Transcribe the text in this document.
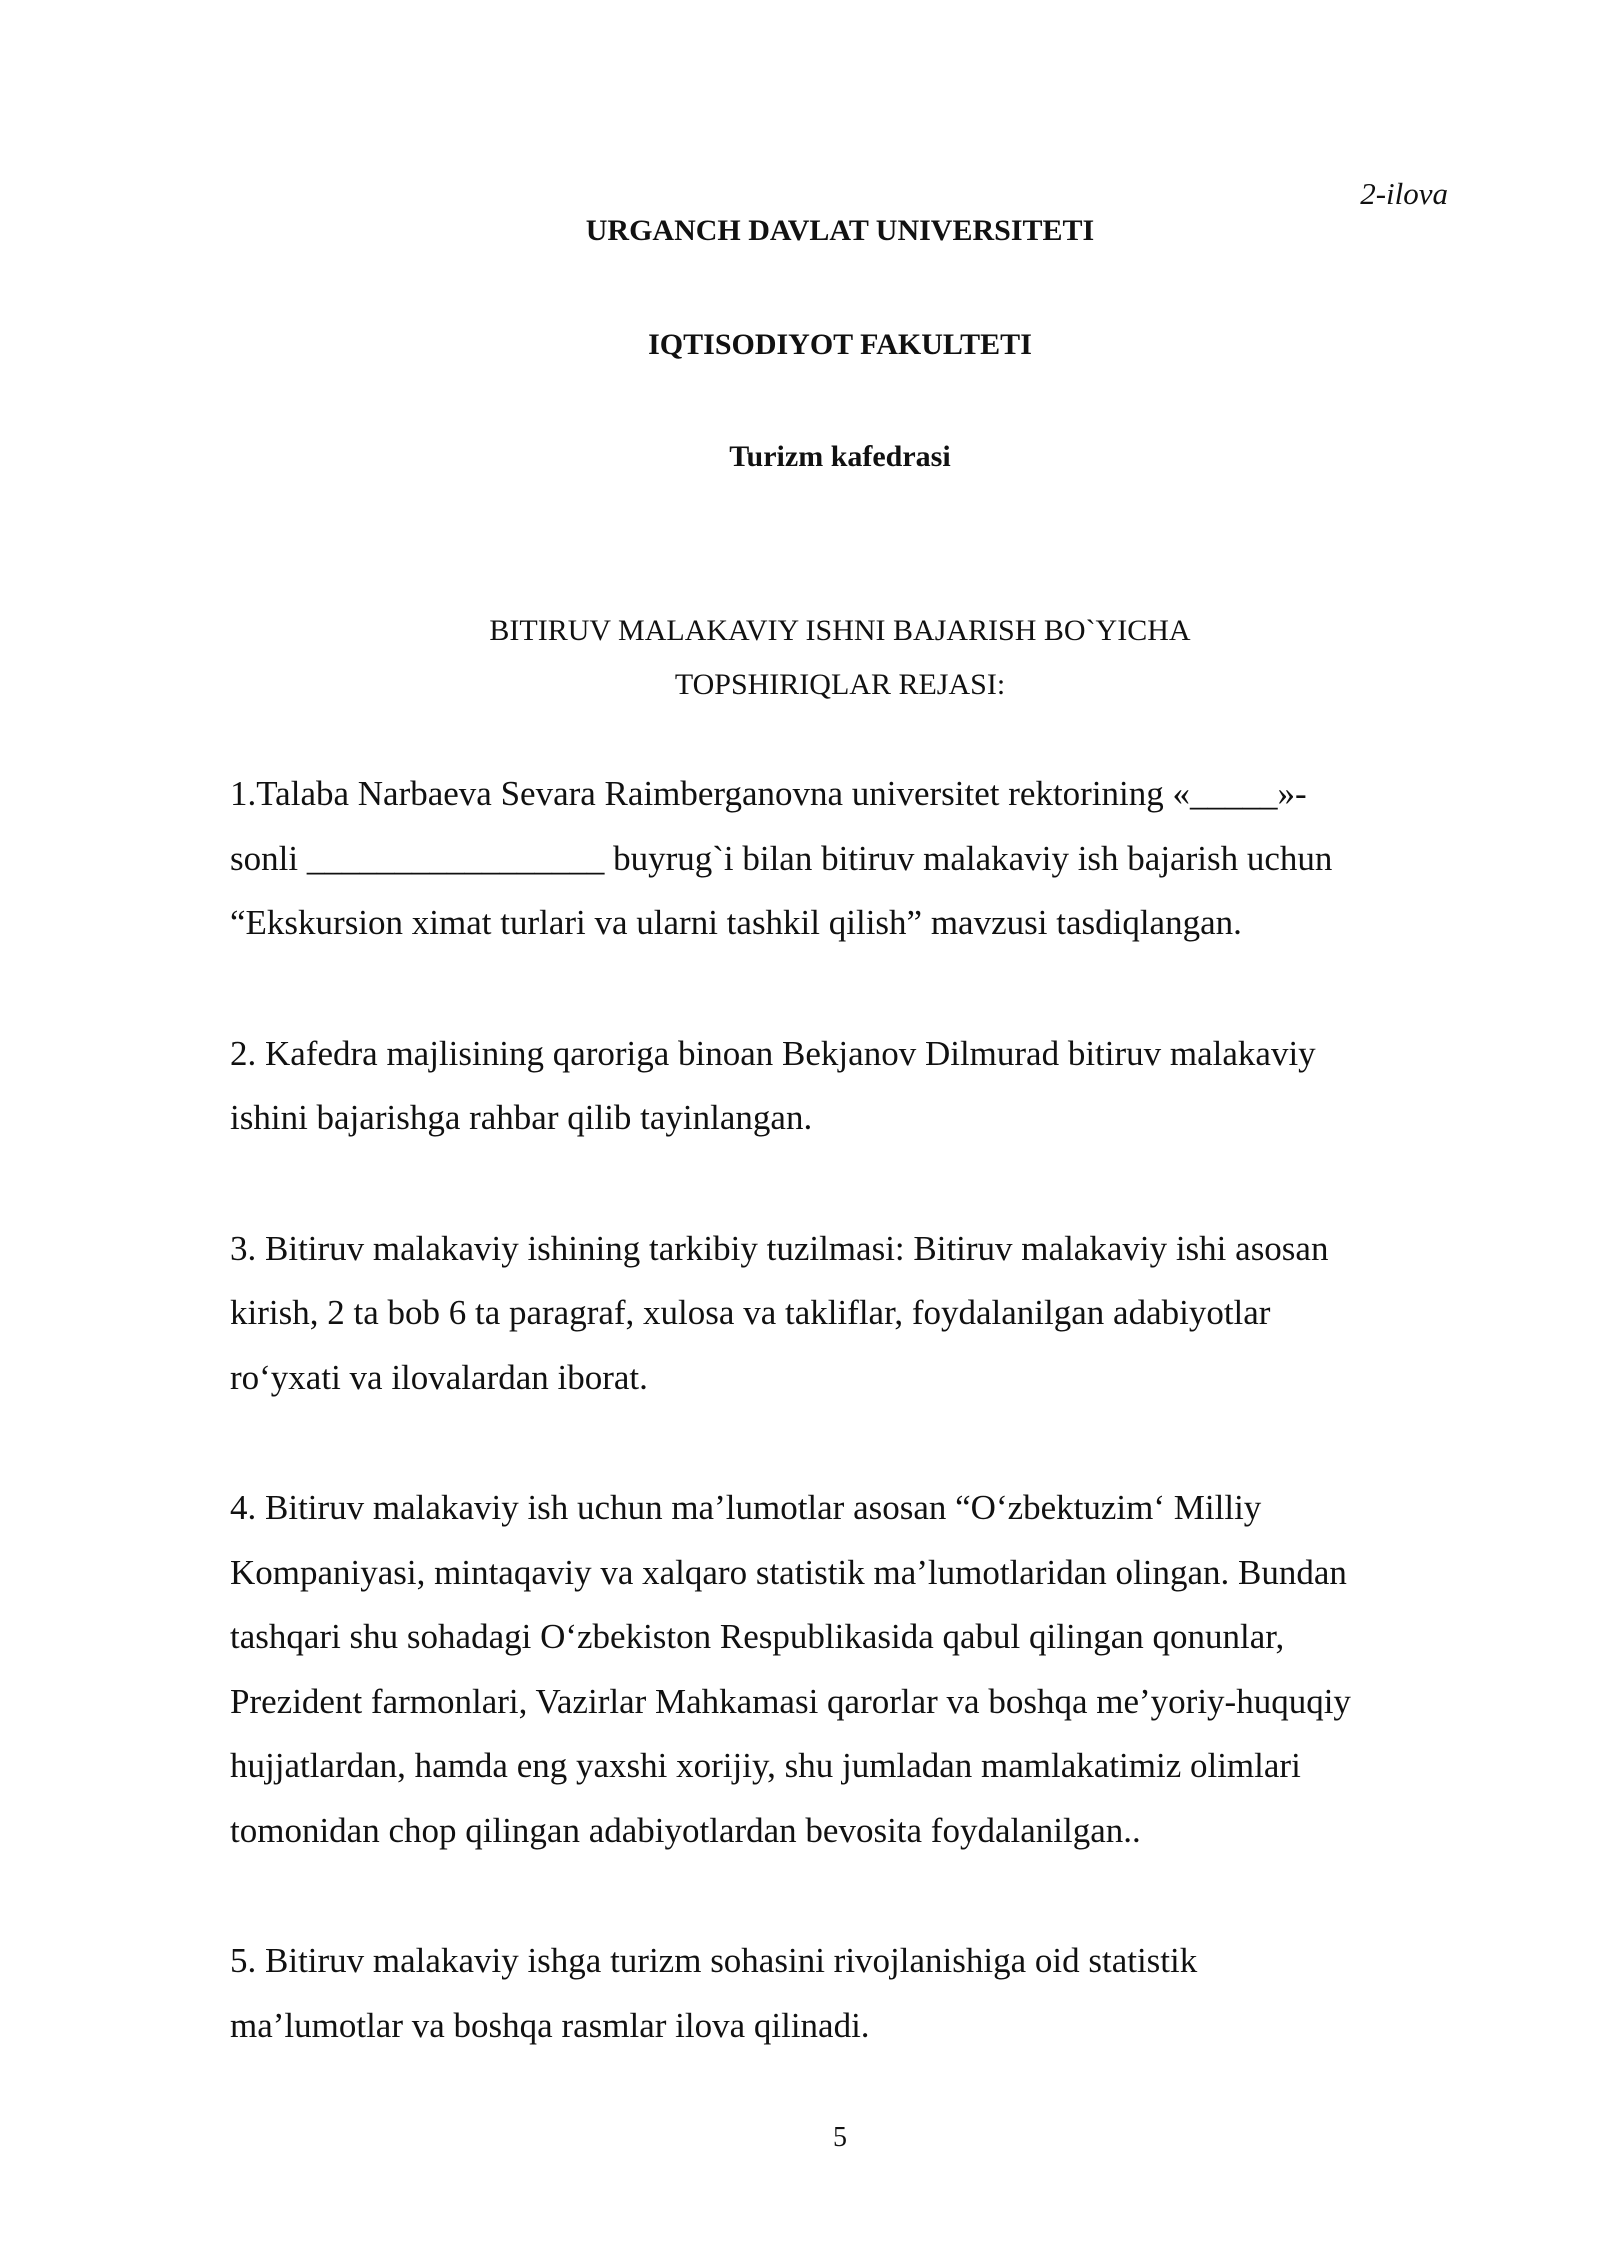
2-ilova
URGANCH DAVLAT UNIVERSITETI
IQTISODIYOT FAKULTETI
Turizm kafedrasi
BITIRUV MALAKAVIY ISHNI BAJARISH BO`YICHA
TOPSHIRIQLAR REJASI:

1.Talaba Narbaeva Sevara Raimberganovna universitet rektorining «_____»-
sonli _________________ buyrug`i bilan bitiruv malakaviy ish bajarish uchun
“Ekskursion ximat turlari va ularni tashkil qilish” mavzusi tasdiqlangan.

2. Kafedra majlisining qaroriga binoan Bekjanov Dilmurad bitiruv malakaviy
ishini bajarishga rahbar qilib tayinlangan.

3. Bitiruv malakaviy ishining tarkibiy tuzilmasi: Bitiruv malakaviy ishi asosan
kirish, 2 ta bob 6 ta paragraf, xulosa va takliflar, foydalanilgan adabiyotlar
ro‘yxati va ilovalardan iborat.

4. Bitiruv malakaviy ish uchun ma’lumotlar asosan “O‘zbektuzim‘ Milliy
Kompaniyasi, mintaqaviy va xalqaro statistik ma’lumotlaridan olingan. Bundan
tashqari shu sohadagi O‘zbekiston Respublikasida qabul qilingan qonunlar,
Prezident farmonlari, Vazirlar Mahkamasi qarorlar va boshqa me’yoriy-huquqiy
hujjatlardan, hamda eng yaxshi xorijiy, shu jumladan mamlakatimiz olimlari
tomonidan chop qilingan adabiyotlardan bevosita foydalanilgan..

5. Bitiruv malakaviy ishga turizm sohasini rivojlanishiga oid statistik
ma’lumotlar va boshqa rasmlar ilova qilinadi.

5
